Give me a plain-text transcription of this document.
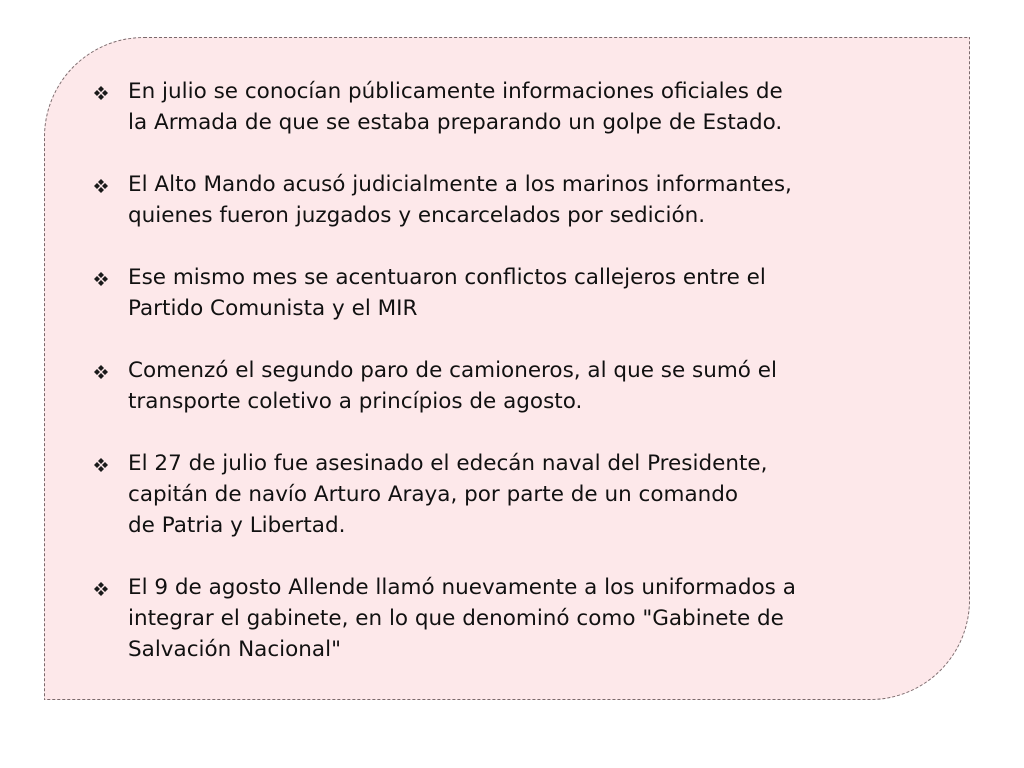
En julio se conocían públicamente informaciones oficiales de
la Armada de que se estaba preparando un golpe de Estado.
El Alto Mando acusó judicialmente a los marinos informantes,
quienes fueron juzgados y encarcelados por sedición.
Ese mismo mes se acentuaron conflictos callejeros entre el
Partido Comunista y el MIR
Comenzó el segundo paro de camioneros, al que se sumó el
transporte coletivo a princípios de agosto.
El 27 de julio fue asesinado el edecán naval del Presidente,
capitán de navío Arturo Araya, por parte de un comando
de Patria y Libertad.
El 9 de agosto Allende llamó nuevamente a los uniformados a
integrar el gabinete, en lo que denominó como "Gabinete de
Salvación Nacional"
